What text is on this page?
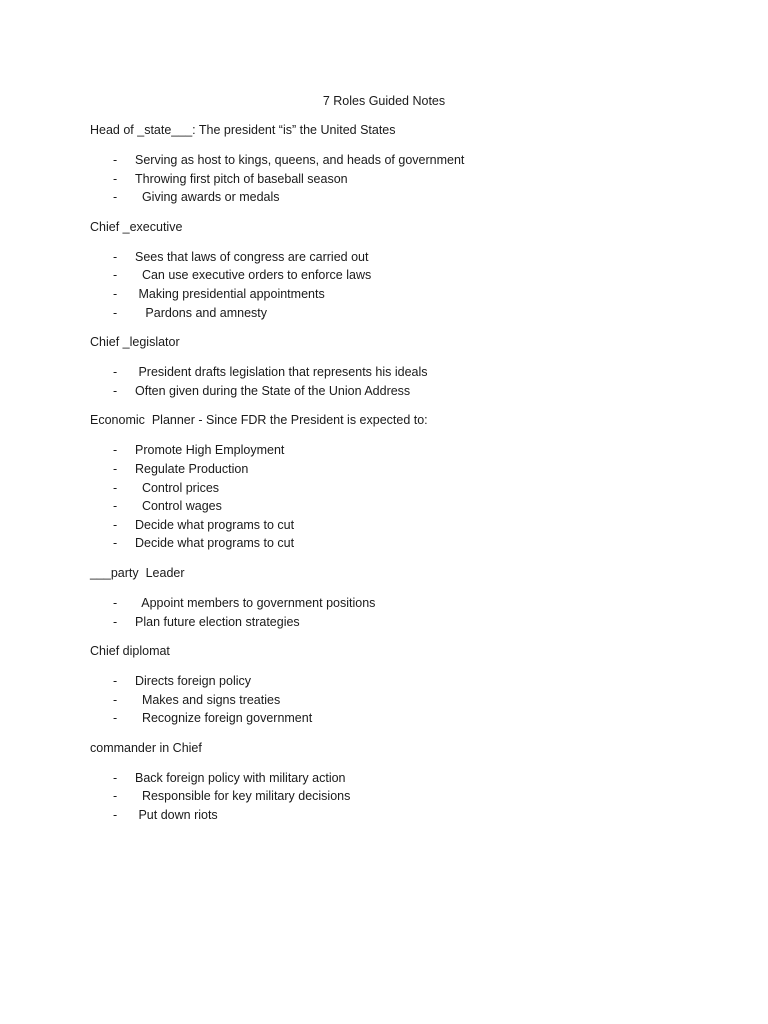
7 Roles Guided Notes

Head of _state___: The president “is” the United States

- Serving as host to kings, queens, and heads of government
- Throwing first pitch of baseball season
- Giving awards or medals

Chief _executive

- Sees that laws of congress are carried out
- Can use executive orders to enforce laws
- Making presidential appointments
- Pardons and amnesty

Chief _legislator

- President drafts legislation that represents his ideals
- Often given during the State of the Union Address

Economic  Planner - Since FDR the President is expected to:

- Promote High Employment
- Regulate Production
- Control prices
- Control wages
- Decide what programs to cut
- Decide what programs to cut

___party  Leader

- Appoint members to government positions
- Plan future election strategies

Chief diplomat

- Directs foreign policy
- Makes and signs treaties
- Recognize foreign government

commander in Chief

- Back foreign policy with military action
- Responsible for key military decisions
- Put down riots
